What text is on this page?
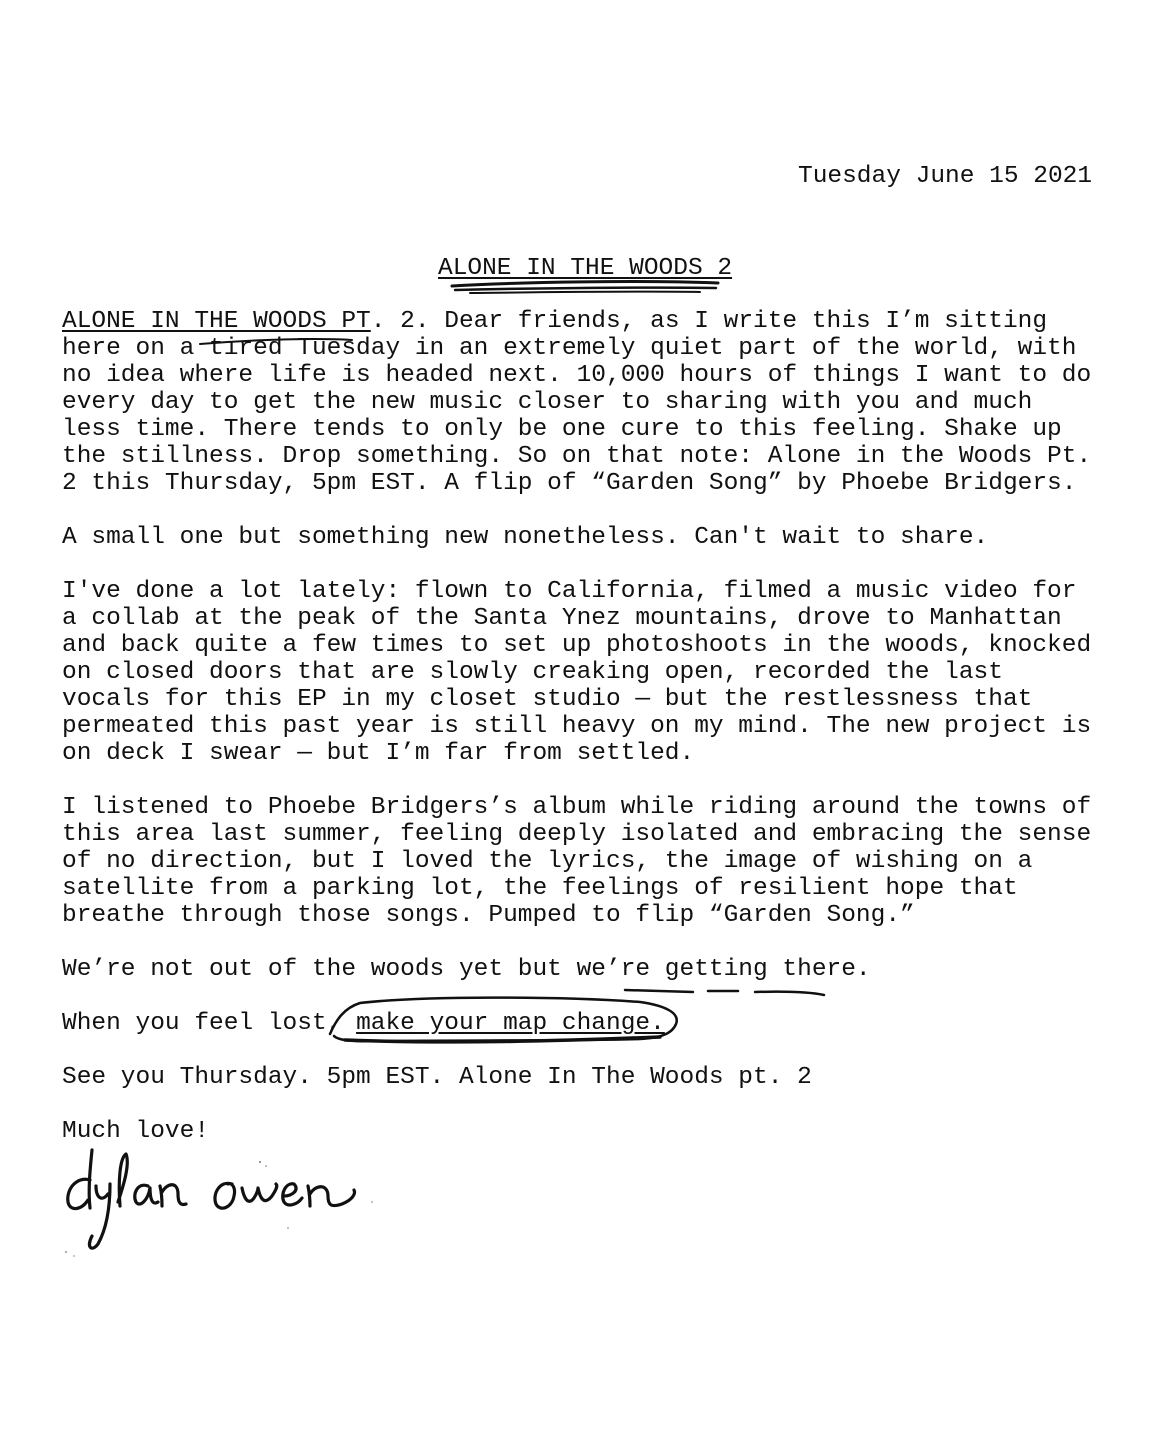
Tuesday June 15 2021
ALONE IN THE WOODS 2

ALONE IN THE WOODS PT. 2. Dear friends, as I write this I’m sitting
here on a tired Tuesday in an extremely quiet part of the world, with
no idea where life is headed next. 10,000 hours of things I want to do
every day to get the new music closer to sharing with you and much
less time. There tends to only be one cure to this feeling. Shake up
the stillness. Drop something. So on that note: Alone in the Woods Pt.
2 this Thursday, 5pm EST. A flip of “Garden Song” by Phoebe Bridgers.

A small one but something new nonetheless. Can't wait to share.

I've done a lot lately: flown to California, filmed a music video for
a collab at the peak of the Santa Ynez mountains, drove to Manhattan
and back quite a few times to set up photoshoots in the woods, knocked
on closed doors that are slowly creaking open, recorded the last
vocals for this EP in my closet studio — but the restlessness that
permeated this past year is still heavy on my mind. The new project is
on deck I swear — but I’m far from settled.

I listened to Phoebe Bridgers’s album while riding around the towns of
this area last summer, feeling deeply isolated and embracing the sense
of no direction, but I loved the lyrics, the image of wishing on a
satellite from a parking lot, the feelings of resilient hope that
breathe through those songs. Pumped to flip “Garden Song.”

We’re not out of the woods yet but we’re getting there.

When you feel lost, make your map change.

See you Thursday. 5pm EST. Alone In The Woods pt. 2

Much love!
